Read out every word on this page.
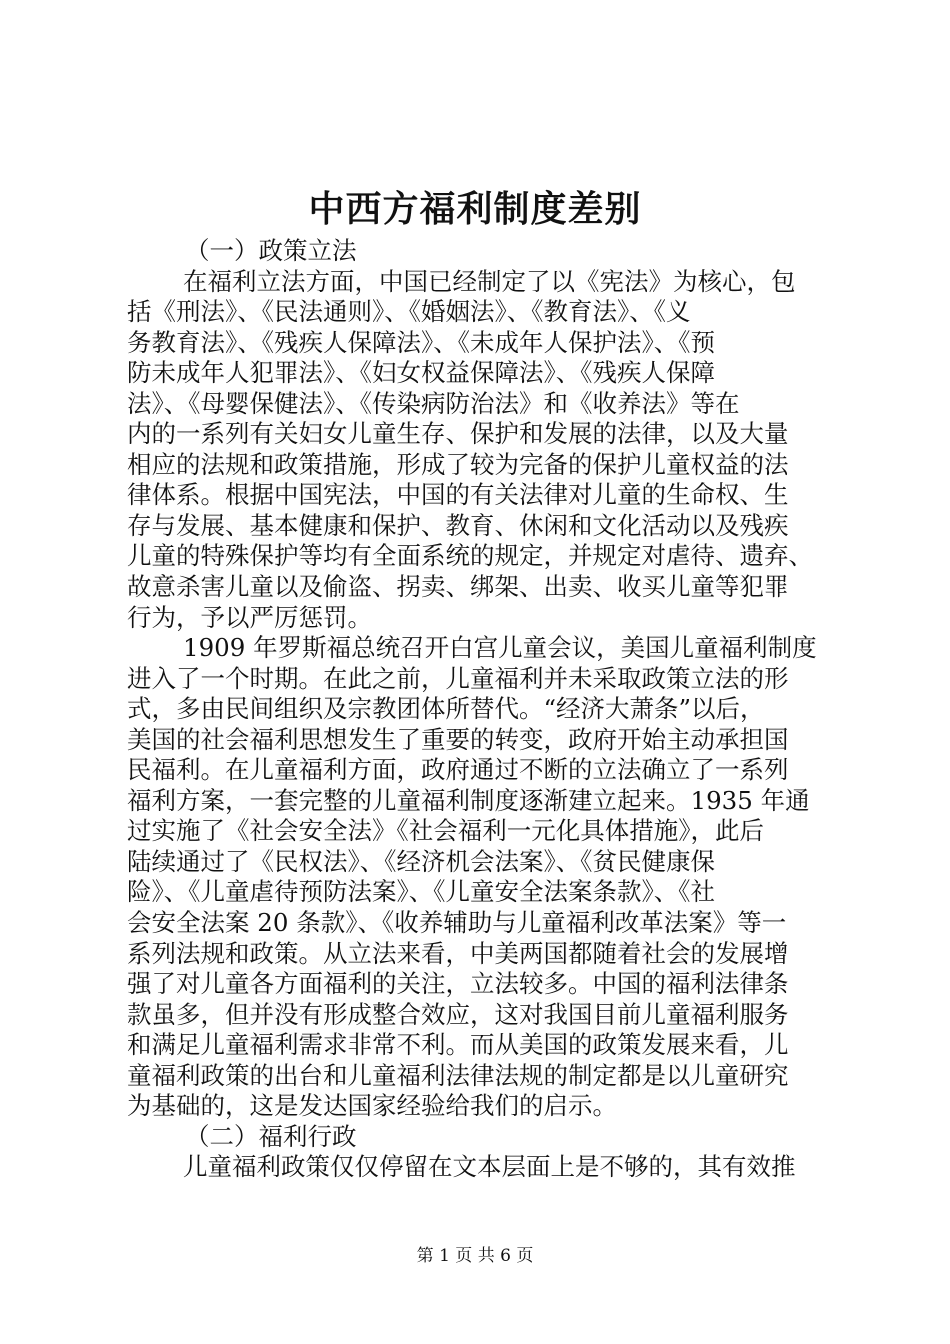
中西方福利制度差别
（一）政策立法
在福利立法方面，中国已经制定了以《宪法》为核心，包
括《刑法》、《民法通则》、《婚姻法》、《教育法》、《义
务教育法》、《残疾人保障法》、《未成年人保护法》、《预
防未成年人犯罪法》、《妇女权益保障法》、《残疾人保障
法》、《母婴保健法》、《传染病防治法》和《收养法》等在
内的一系列有关妇女儿童生存、保护和发展的法律，以及大量
相应的法规和政策措施，形成了较为完备的保护儿童权益的法
律体系。根据中国宪法，中国的有关法律对儿童的生命权、生
存与发展、基本健康和保护、教育、休闲和文化活动以及残疾
儿童的特殊保护等均有全面系统的规定，并规定对虐待、遗弃、
故意杀害儿童以及偷盗、拐卖、绑架、出卖、收买儿童等犯罪
行为，予以严厉惩罚。
1909 年罗斯福总统召开白宫儿童会议，美国儿童福利制度
进入了一个时期。在此之前，儿童福利并未采取政策立法的形
式，多由民间组织及宗教团体所替代。“经济大萧条”以后，
美国的社会福利思想发生了重要的转变，政府开始主动承担国
民福利。在儿童福利方面，政府通过不断的立法确立了一系列
福利方案，一套完整的儿童福利制度逐渐建立起来。1935 年通
过实施了《社会安全法》《社会福利一元化具体措施》，此后
陆续通过了《民权法》、《经济机会法案》、《贫民健康保
险》、《儿童虐待预防法案》、《儿童安全法案条款》、《社
会安全法案 20 条款》、《收养辅助与儿童福利改革法案》等一
系列法规和政策。从立法来看，中美两国都随着社会的发展增
强了对儿童各方面福利的关注，立法较多。中国的福利法律条
款虽多，但并没有形成整合效应，这对我国目前儿童福利服务
和满足儿童福利需求非常不利。而从美国的政策发展来看，儿
童福利政策的出台和儿童福利法律法规的制定都是以儿童研究
为基础的，这是发达国家经验给我们的启示。
（二）福利行政
儿童福利政策仅仅停留在文本层面上是不够的，其有效推
第 1 页 共 6 页
